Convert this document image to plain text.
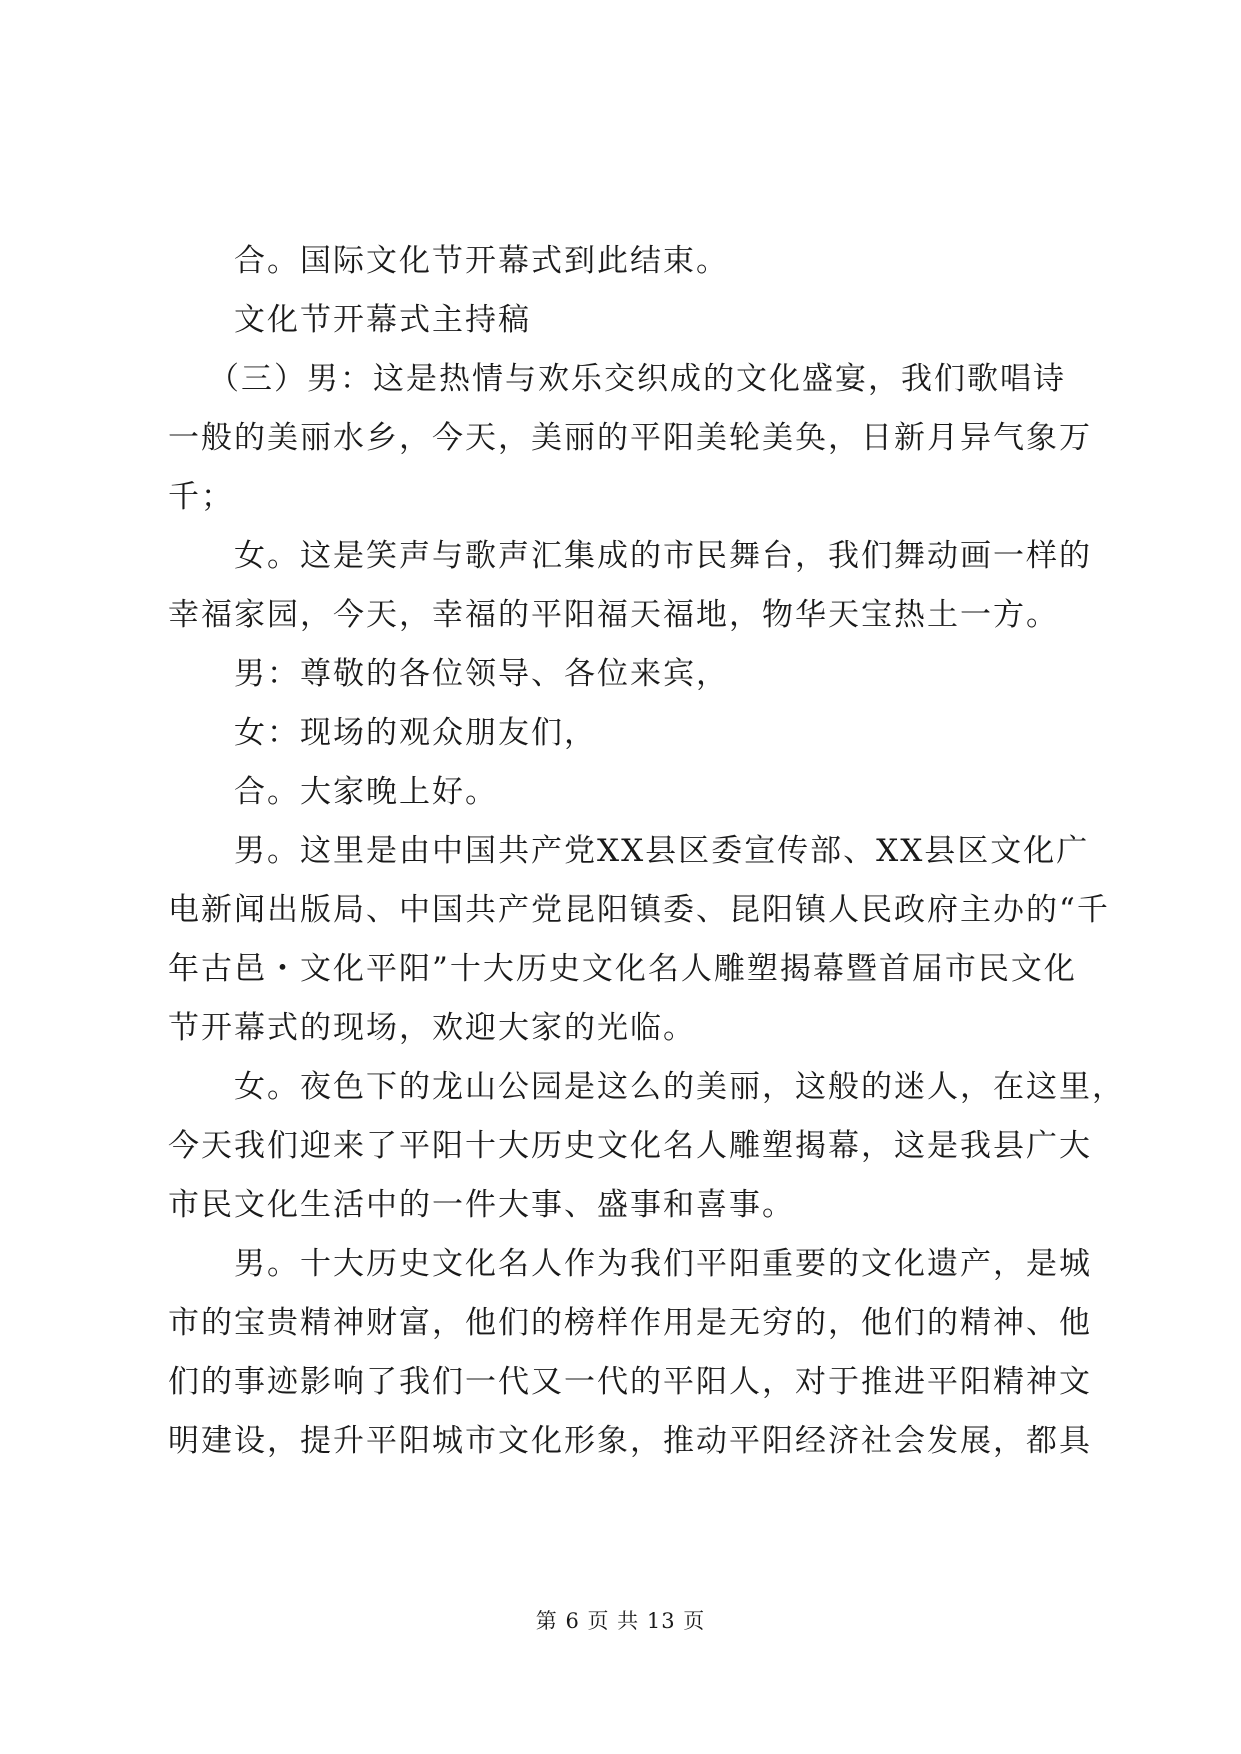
合。国际文化节开幕式到此结束。

文化节开幕式主持稿

（三）男：这是热情与欢乐交织成的文化盛宴，我们歌唱诗
一般的美丽水乡，今天，美丽的平阳美轮美奂，日新月异气象万
千；

女。这是笑声与歌声汇集成的市民舞台，我们舞动画一样的
幸福家园，今天，幸福的平阳福天福地，物华天宝热土一方。

男：尊敬的各位领导、各位来宾，

女：现场的观众朋友们，

合。大家晚上好。

男。这里是由中国共产党XX县区委宣传部、XX县区文化广
电新闻出版局、中国共产党昆阳镇委、昆阳镇人民政府主办的“千
年古邑・文化平阳”十大历史文化名人雕塑揭幕暨首届市民文化
节开幕式的现场，欢迎大家的光临。

女。夜色下的龙山公园是这么的美丽，这般的迷人，在这里，
今天我们迎来了平阳十大历史文化名人雕塑揭幕，这是我县广大
市民文化生活中的一件大事、盛事和喜事。

男。十大历史文化名人作为我们平阳重要的文化遗产，是城
市的宝贵精神财富，他们的榜样作用是无穷的，他们的精神、他
们的事迹影响了我们一代又一代的平阳人，对于推进平阳精神文
明建设，提升平阳城市文化形象，推动平阳经济社会发展，都具

第 6 页 共 13 页
